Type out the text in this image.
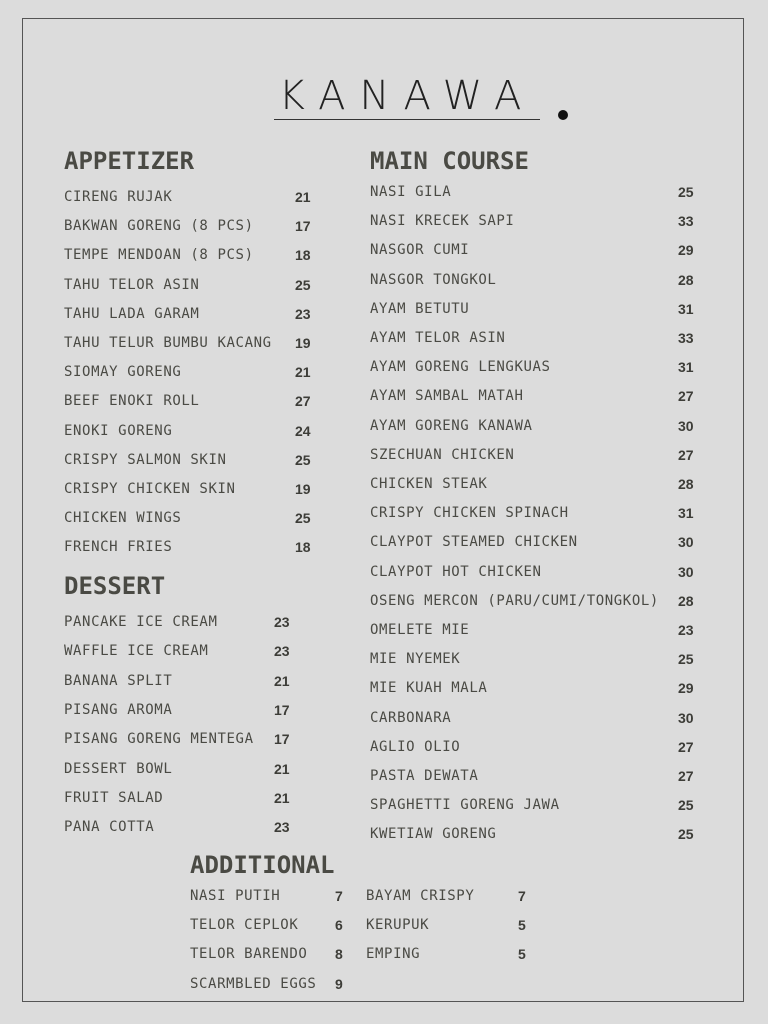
KANAWA
APPETIZER
CIRENG RUJAK	21
BAKWAN GORENG (8 PCS)	17
TEMPE MENDOAN (8 PCS)	18
TAHU TELOR ASIN	25
TAHU LADA GARAM	23
TAHU TELUR BUMBU KACANG 19
SIOMAY GORENG	21
BEEF ENOKI ROLL	27
ENOKI GORENG	24
CRISPY SALMON SKIN	25
CRISPY CHICKEN SKIN	19
CHICKEN WINGS	25
FRENCH FRIES	18
DESSERT
PANCAKE ICE CREAM	23
WAFFLE ICE CREAM	23
BANANA SPLIT	21
PISANG AROMA	17
PISANG GORENG MENTEGA 17
DESSERT BOWL	21
FRUIT SALAD	21
PANA COTTA	23
MAIN COURSE
NASI GILA	25
NASI KRECEK SAPI	33
NASGOR CUMI	29
NASGOR TONGKOL	28
AYAM BETUTU	31
AYAM TELOR ASIN	33
AYAM GORENG LENGKUAS	31
AYAM SAMBAL MATAH	27
AYAM GORENG KANAWA	30
SZECHUAN CHICKEN	27
CHICKEN STEAK	28
CRISPY CHICKEN SPINACH	31
CLAYPOT STEAMED CHICKEN	30
CLAYPOT HOT CHICKEN	30
OSENG MERCON (PARU/CUMI/TONGKOL) 28
OMELETE MIE	23
MIE NYEMEK	25
MIE KUAH MALA	29
CARBONARA	30
AGLIO OLIO	27
PASTA DEWATA	27
SPAGHETTI GORENG JAWA	25
KWETIAW GORENG	25
ADDITIONAL
NASI PUTIH	7
TELOR CEPLOK	6
TELOR BARENDO 8
SCARMBLED EGGS 9
BAYAM CRISPY	7
KERUPUK	5
EMPING	5
